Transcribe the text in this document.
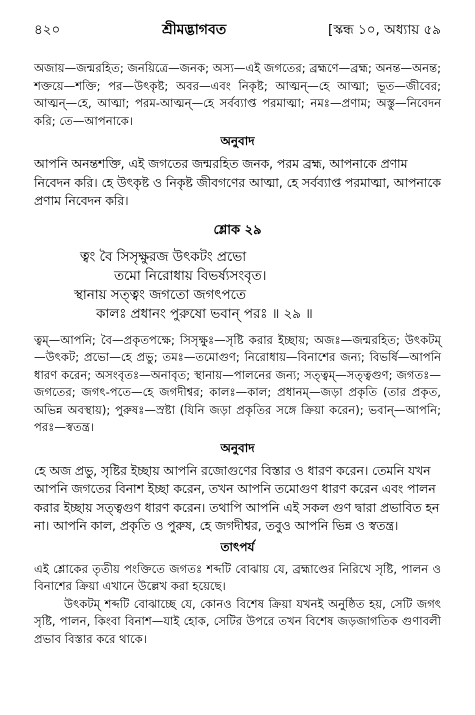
৪২০	শ্রীমদ্ভাগবত	[স্কন্ধ ১০, অধ্যায় ৫৯

অজায়—জন্মরহিত; জনয়িত্রে—জনক; অস্য—এই জগতের; ব্রহ্মণে—ব্রহ্ম; অনন্ত—অনন্ত; শক্তয়ে—শক্তি; পর—উৎকৃষ্ট; অবর—এবং নিকৃষ্ট; আত্মন্—হে আত্মা; ভূত—জীবের; আত্মন্—হে, আত্মা; পরম-আত্মন্—হে সর্বব্যাপ্ত পরমাত্মা; নমঃ—প্রণাম; অস্তু—নিবেদন করি; তে—আপনাকে।

অনুবাদ

আপনি অনন্তশক্তি, এই জগতের জন্মরহিত জনক, পরম ব্রহ্ম, আপনাকে প্রণাম নিবেদন করি। হে উৎকৃষ্ট ও নিকৃষ্ট জীবগণের আত্মা, হে সর্বব্যাপ্ত পরমাত্মা, আপনাকে প্রণাম নিবেদন করি।

শ্লোক ২৯
ত্বং বৈ সিসৃক্ষুরজ উৎকটং প্রভো
তমো নিরোধায় বিভর্ষ্যসংবৃত।
স্থানায় সত্ত্বং জগতো জগৎপতে
কালঃ প্রধানং পুরুষো ভবান্ পরঃ ॥ ২৯ ॥

ত্বম্—আপনি; বৈ—প্রকৃতপক্ষে; সিসৃক্ষুঃ—সৃষ্টি করার ইচ্ছায়; অজঃ—জন্মরহিত; উৎকটম্—উৎকট; প্রভো—হে প্রভু; তমঃ—তমোগুণ; নিরোধায়—বিনাশের জন্য; বিভর্ষি—আপনি ধারণ করেন; অসংবৃতঃ—অনাবৃত; স্থানায়—পালনের জন্য; সত্ত্বম্—সত্ত্বগুণ; জগতঃ—জগতের; জগৎ-পতে—হে জগদীশ্বর; কালঃ—কাল; প্রধানম্—জড়া প্রকৃতি (তার প্রকৃত, অভিন্ন অবস্থায়); পুরুষঃ—স্রষ্টা (যিনি জড়া প্রকৃতির সঙ্গে ক্রিয়া করেন); ভবান্—আপনি; পরঃ—স্বতন্ত্র।

অনুবাদ

হে অজ প্রভু, সৃষ্টির ইচ্ছায় আপনি রজোগুণের বিস্তার ও ধারণ করেন। তেমনি যখন আপনি জগতের বিনাশ ইচ্ছা করেন, তখন আপনি তমোগুণ ধারণ করেন এবং পালন করার ইচ্ছায় সত্ত্বগুণ ধারণ করেন। তথাপি আপনি এই সকল গুণ দ্বারা প্রভাবিত হন না। আপনি কাল, প্রকৃতি ও পুরুষ, হে জগদীশ্বর, তবুও আপনি ভিন্ন ও স্বতন্ত্র।

তাৎপর্য

এই শ্লোকের তৃতীয় পংক্তিতে জগতঃ শব্দটি বোঝায় যে, ব্রহ্মাণ্ডের নিরিখে সৃষ্টি, পালন ও বিনাশের ক্রিয়া এখানে উল্লেখ করা হয়েছে।

উৎকটম্ শব্দটি বোঝাচ্ছে যে, কোনও বিশেষ ক্রিয়া যখনই অনুষ্ঠিত হয়, সেটি জগৎ সৃষ্টি, পালন, কিংবা বিনাশ—যাই হোক, সেটির উপরে তখন বিশেষ জড়জাগতিক গুণাবলী প্রভাব বিস্তার করে থাকে।
